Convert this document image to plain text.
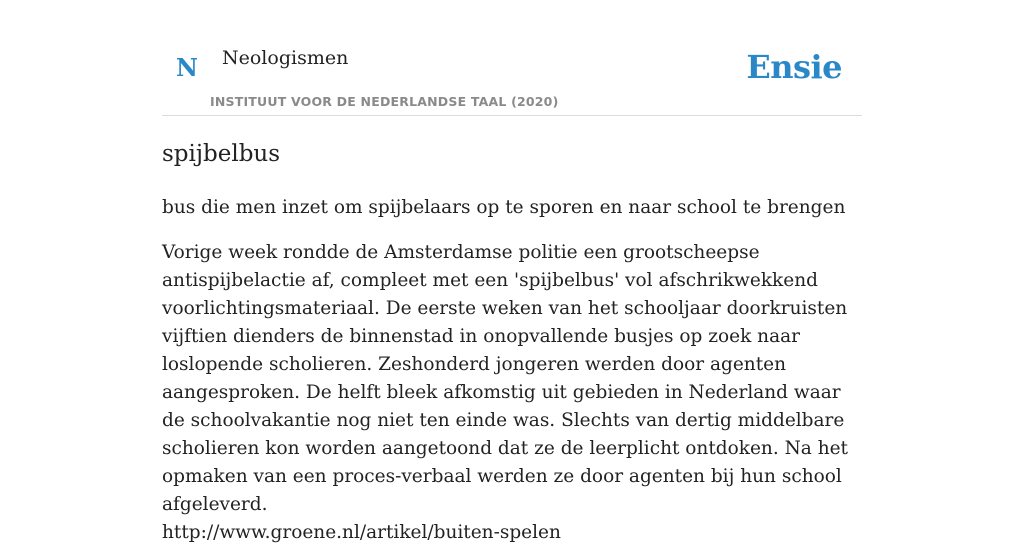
N Neologismen
INSTITUUT VOOR DE NEDERLANDSE TAAL (2020)
Ensie
spijbelbus
bus die men inzet om spijbelaars op te sporen en naar school te brengen
Vorige week rondde de Amsterdamse politie een grootscheepse antispijbelactie af, compleet met een 'spijbelbus' vol afschrikwekkend voorlichtingsmateriaal. De eerste weken van het schooljaar doorkruisten vijftien dienders de binnenstad in onopvallende busjes op zoek naar loslopende scholieren. Zeshonderd jongeren werden door agenten aangesproken. De helft bleek afkomstig uit gebieden in Nederland waar de schoolvakantie nog niet ten einde was. Slechts van dertig middelbare scholieren kon worden aangetoond dat ze de leerplicht ontdoken. Na het opmaken van een proces-verbaal werden ze door agenten bij hun school afgeleverd.
http://www.groene.nl/artikel/buiten-spelen
